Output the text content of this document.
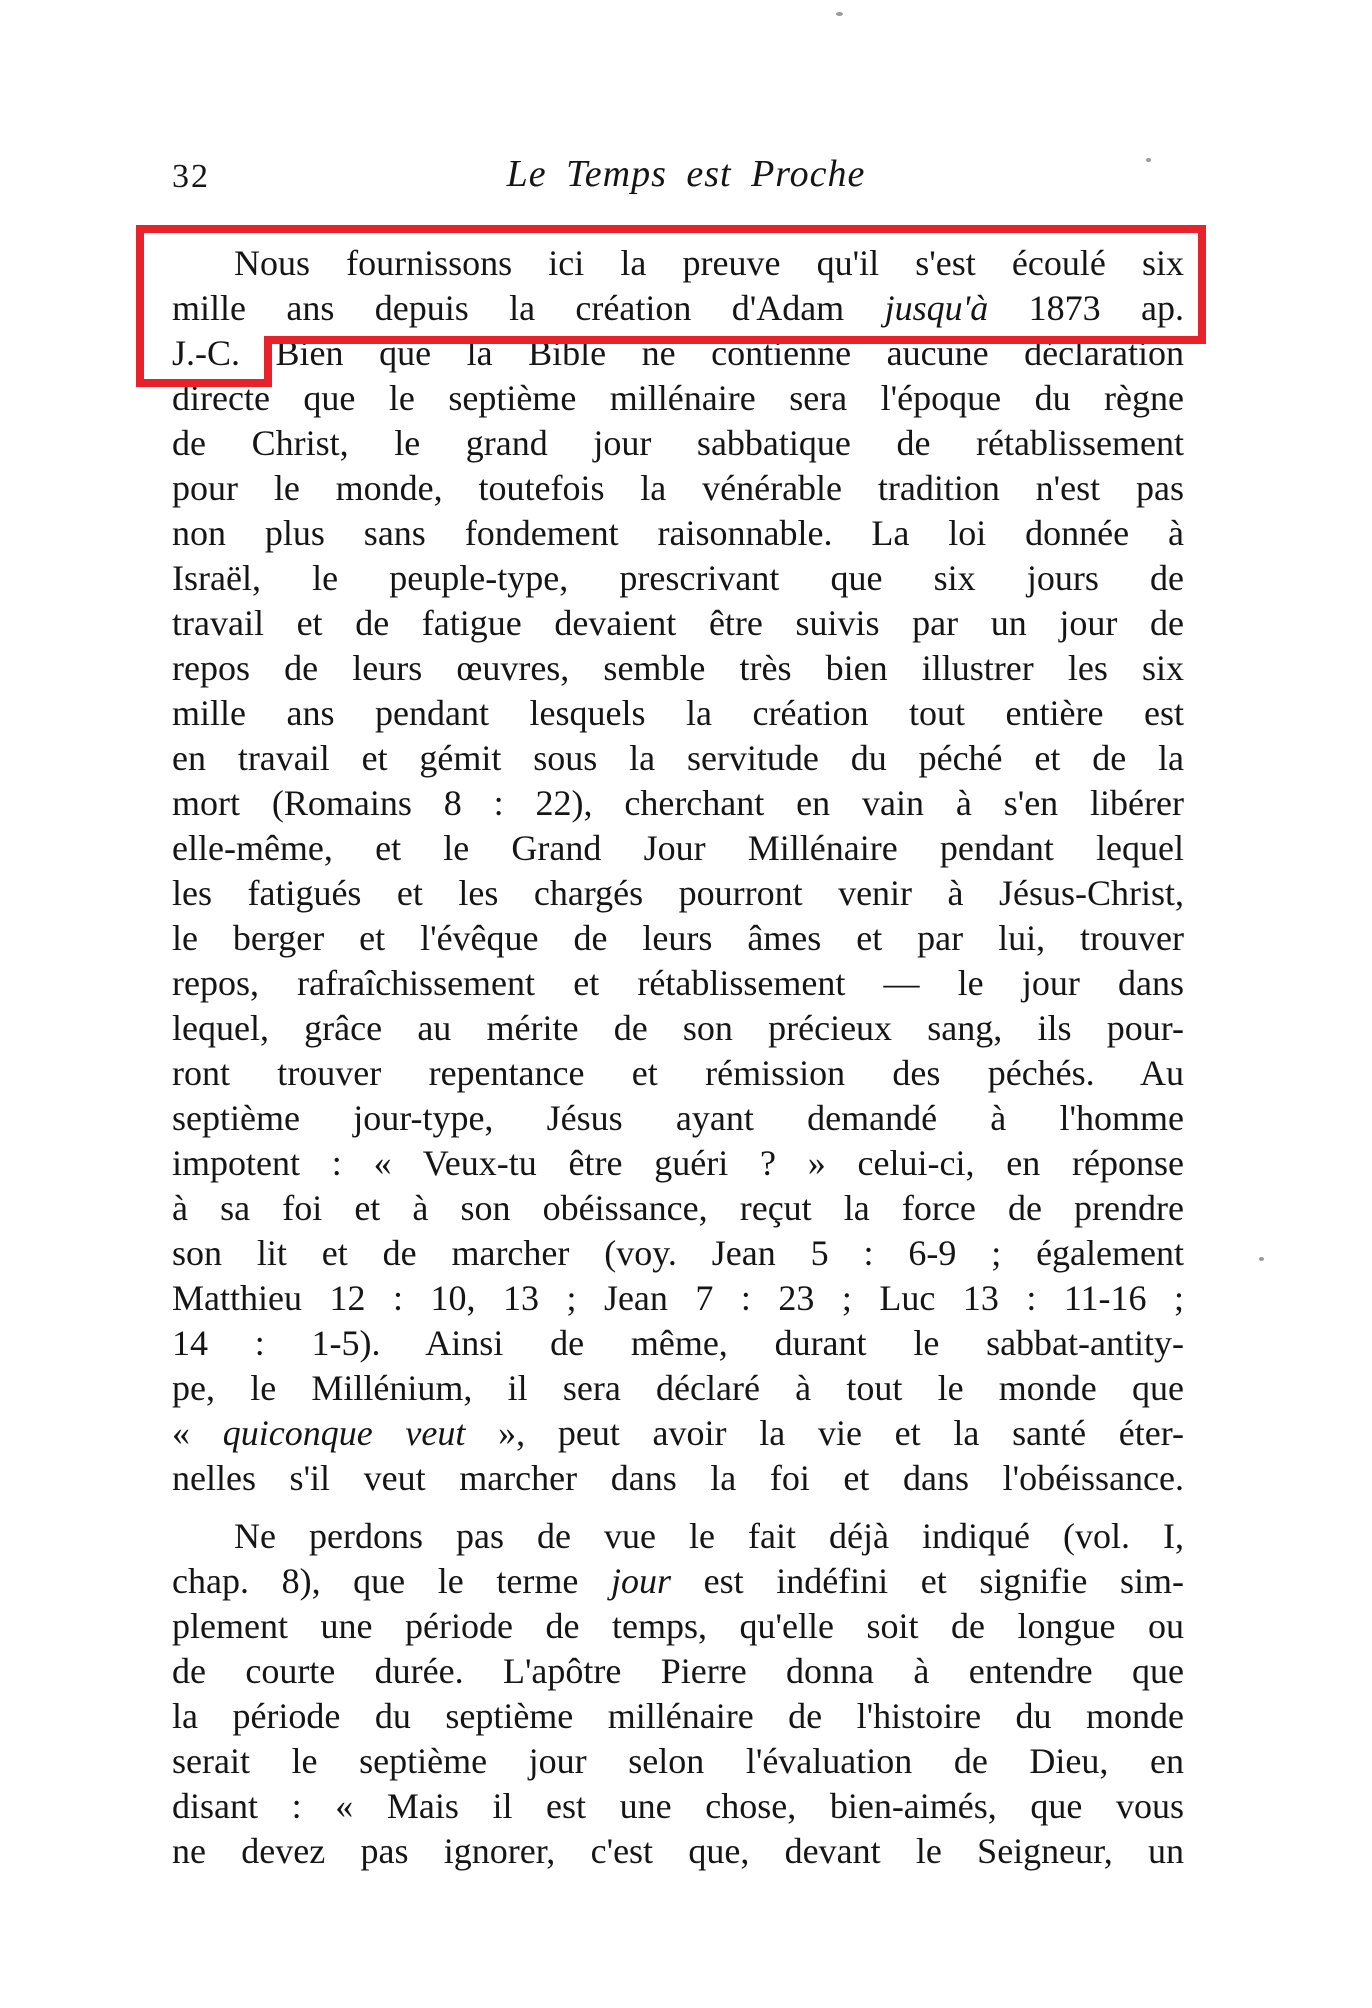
32	Le Temps est Proche
Nous fournissons ici la preuve qu'il s'est écoulé six
mille ans depuis la création d'Adam jusqu'à 1873 ap.
J.-C. Bien que la Bible ne contienne aucune déclaration
directe que le septième millénaire sera l'époque du règne
de Christ, le grand jour sabbatique de rétablissement
pour le monde, toutefois la vénérable tradition n'est pas
non plus sans fondement raisonnable. La loi donnée à
Israël, le peuple-type, prescrivant que six jours de
travail et de fatigue devaient être suivis par un jour de
repos de leurs œuvres, semble très bien illustrer les six
mille ans pendant lesquels la création tout entière est
en travail et gémit sous la servitude du péché et de la
mort (Romains 8 : 22), cherchant en vain à s'en libérer
elle-même, et le Grand Jour Millénaire pendant lequel
les fatigués et les chargés pourront venir à Jésus-Christ,
le berger et l'évêque de leurs âmes et par lui, trouver
repos, rafraîchissement et rétablissement — le jour dans
lequel, grâce au mérite de son précieux sang, ils pour-
ront trouver repentance et rémission des péchés. Au
septième jour-type, Jésus ayant demandé à l'homme
impotent : « Veux-tu être guéri ? » celui-ci, en réponse
à sa foi et à son obéissance, reçut la force de prendre
son lit et de marcher (voy. Jean 5 : 6-9 ; également
Matthieu 12 : 10, 13 ; Jean 7 : 23 ; Luc 13 : 11-16 ;
14 : 1-5). Ainsi de même, durant le sabbat-antity-
pe, le Millénium, il sera déclaré à tout le monde que
« quiconque veut », peut avoir la vie et la santé éter-
nelles s'il veut marcher dans la foi et dans l'obéissance.
Ne perdons pas de vue le fait déjà indiqué (vol. I,
chap. 8), que le terme jour est indéfini et signifie sim-
plement une période de temps, qu'elle soit de longue ou
de courte durée. L'apôtre Pierre donna à entendre que
la période du septième millénaire de l'histoire du monde
serait le septième jour selon l'évaluation de Dieu, en
disant : « Mais il est une chose, bien-aimés, que vous
ne devez pas ignorer, c'est que, devant le Seigneur, un
